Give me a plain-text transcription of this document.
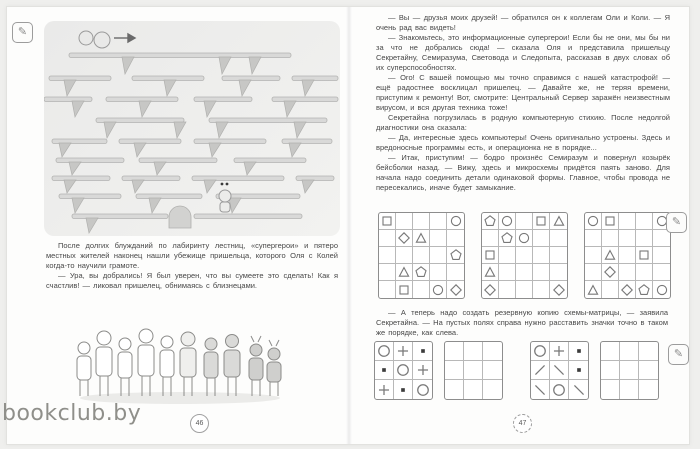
✎

После долгих блужданий по лабиринту лестниц, «супергерои» и пятеро местных жителей наконец нашли убежище пришельца, которого Оля с Колей когда-то научили грамоте.

— Ура, вы добрались! Я был уверен, что вы сумеете это сделать! Как я счастлив! — ликовал пришелец, обнимаясь с близнецами.

46

— Вы — друзья моих друзей! — обратился он к коллегам Оли и Коли. — Я очень рад вас видеть!

— Знакомьтесь, это информационные супергерои! Если бы не они, мы бы ни за что не добрались сюда! — сказала Оля и представила пришельцу Секретайну, Семиразума, Световода и Следопыта, рассказав в двух словах об их суперспособностях.

— Ого! С вашей помощью мы точно справимся с нашей катастрофой! — ещё радостнее восклицал пришелец. — Давайте же, не теряя времени, приступим к ремонту! Вот, смотрите: Центральный Сервер заражён неизвестным вирусом, и вся другая техника тоже!

Секретайна погрузилась в родную компьютерную стихию. После недолгой диагностики она сказала:

— Да, интересные здесь компьютеры! Очень оригинально устроены. Здесь и вредоносные программы есть, и операционка не в порядке...

— Итак, приступим! — бодро произнёс Семиразум и повернул козырёк бейсболки назад. — Вижу, здесь и микросхемы придётся паять заново. Для начала надо соединить детали одинаковой формы. Главное, чтобы провода не пересекались, иначе будет замыкание.

✎

— А теперь надо создать резервную копию схемы-матрицы, — заявила Секретайна. — На пустых полях справа нужно расставить значки точно в таком же порядке, как слева.

✎
47
bookclub.by
